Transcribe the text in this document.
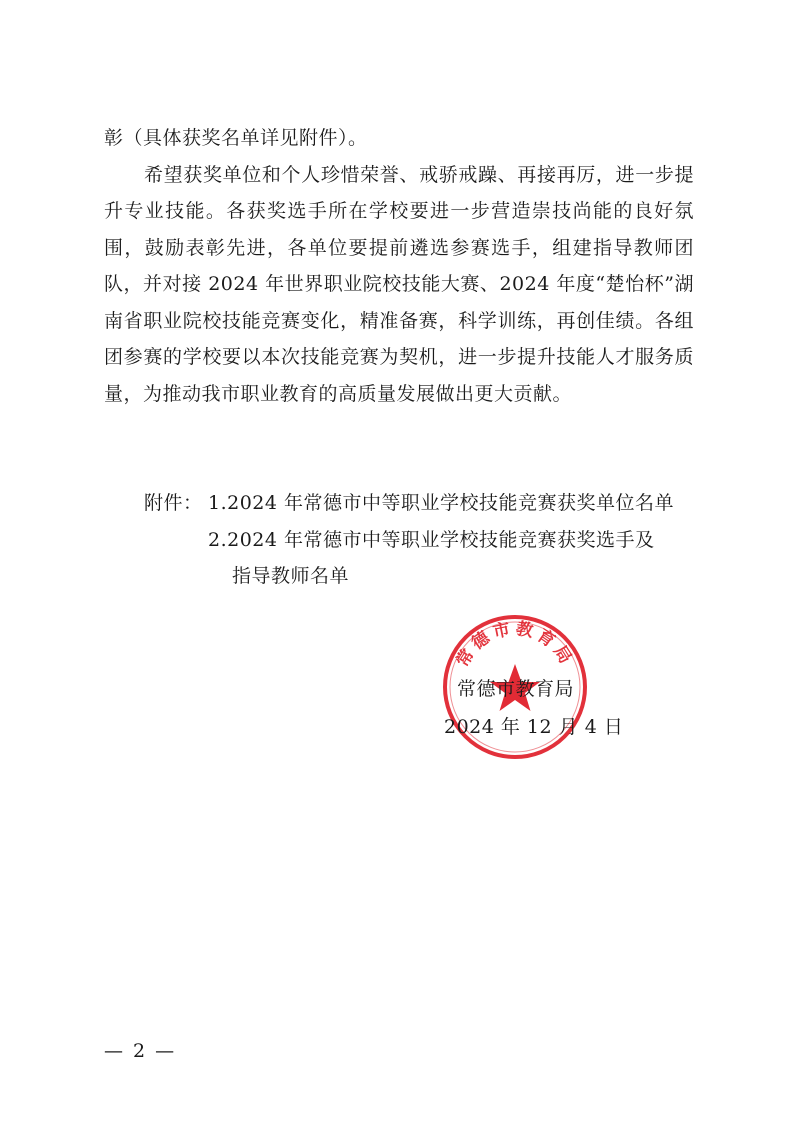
彰（具体获奖名单详见附件）。

希望获奖单位和个人珍惜荣誉、戒骄戒躁、再接再厉，进一步提升专业技能。各获奖选手所在学校要进一步营造崇技尚能的良好氛围，鼓励表彰先进，各单位要提前遴选参赛选手，组建指导教师团队，并对接 2024 年世界职业院校技能大赛、2024 年度“楚怡杯”湖南省职业院校技能竞赛变化，精准备赛，科学训练，再创佳绩。各组团参赛的学校要以本次技能竞赛为契机，进一步提升技能人才服务质量，为推动我市职业教育的高质量发展做出更大贡献。

附件： 1.2024 年常德市中等职业学校技能竞赛获奖单位名单
2.2024 年常德市中等职业学校技能竞赛获奖选手及
指导教师名单
常德市教育局
常德市教育局
2024 年 12 月 4 日
— 2 —
